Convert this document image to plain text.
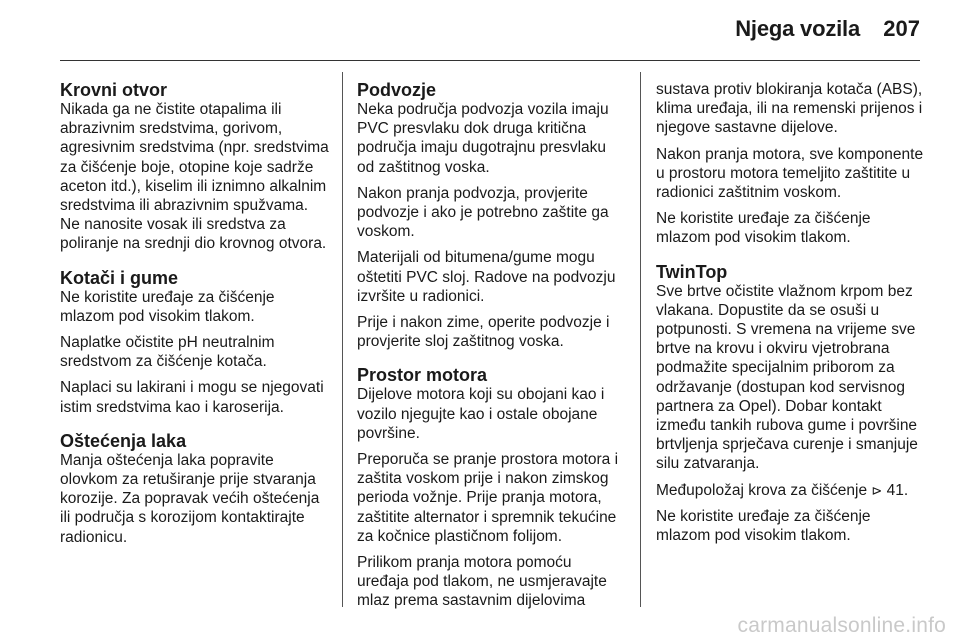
Njega vozila 207
Krovni otvor

Nikada ga ne čistite otapalima ili abrazivnim sredstvima, gorivom, agresivnim sredstvima (npr. sredstvima za čišćenje boje, otopine koje sadrže aceton itd.), kiselim ili iznimno alkalnim sredstvima ili abrazivnim spužvama. Ne nanosite vosak ili sredstva za poliranje na srednji dio krovnog otvora.

Kotači i gume

Ne koristite uređaje za čišćenje mlazom pod visokim tlakom.

Naplatke očistite pH neutralnim sredstvom za čišćenje kotača.

Naplaci su lakirani i mogu se njegovati istim sredstvima kao i karoserija.

Oštećenja laka

Manja oštećenja laka popravite olovkom za retuširanje prije stvaranja korozije. Za popravak većih oštećenja ili područja s korozijom kontaktirajte radionicu.

Podvozje

Neka područja podvozja vozila imaju PVC presvlaku dok druga kritična područja imaju dugotrajnu presvlaku od zaštitnog voska.

Nakon pranja podvozja, provjerite podvozje i ako je potrebno zaštite ga voskom.

Materijali od bitumena/gume mogu oštetiti PVC sloj. Radove na podvozju izvršite u radionici.

Prije i nakon zime, operite podvozje i provjerite sloj zaštitnog voska.

Prostor motora

Dijelove motora koji su obojani kao i vozilo njegujte kao i ostale obojane površine.

Preporuča se pranje prostora motora i zaštita voskom prije i nakon zimskog perioda vožnje. Prije pranja motora, zaštitite alternator i spremnik tekućine za kočnice plastičnom folijom.

Prilikom pranja motora pomoću uređaja pod tlakom, ne usmjeravajte mlaz prema sastavnim dijelovima

sustava protiv blokiranja kotača (ABS), klima uređaja, ili na remenski prijenos i njegove sastavne dijelove.

Nakon pranja motora, sve komponente u prostoru motora temeljito zaštitite u radionici zaštitnim voskom.

Ne koristite uređaje za čišćenje mlazom pod visokim tlakom.

TwinTop

Sve brtve očistite vlažnom krpom bez vlakana. Dopustite da se osuši u potpunosti. S vremena na vrijeme sve brtve na krovu i okviru vjetrobrana podmažite specijalnim priborom za održavanje (dostupan kod servisnog partnera za Opel). Dobar kontakt između tankih rubova gume i površine brtvljenja sprječava curenje i smanjuje silu zatvaranja.

Međupoložaj krova za čišćenje ⊳ 41.

Ne koristite uređaje za čišćenje mlazom pod visokim tlakom.

carmanualsonline.info
